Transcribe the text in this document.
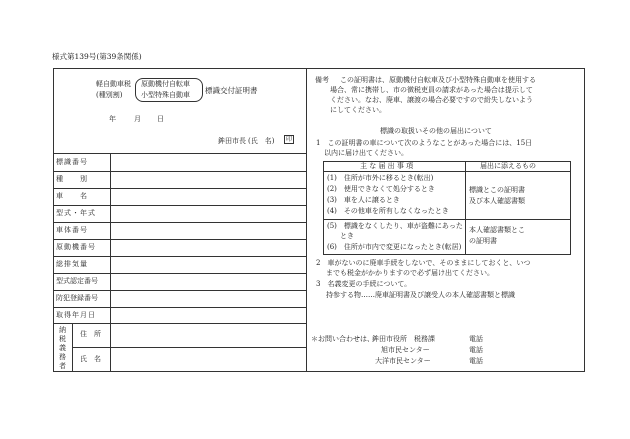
様式第139号(第39条関係)
軽自動車税
(種別割)
原動機付自転車
小型特殊自動車 標識交付証明書
年	月 日
鉾田市長 (氏　名)	印
標識番号
種　　別
車　　名
型式・年式
車体番号
原動機番号
総排気量
型式認定番号
防犯登録番号
取得年月日
納税義務者
住　所
氏　名
備考 この証明書は、原動機付自転車及び小型特殊自動車を使用する
場合、常に携帯し、市の徴税吏員の請求があった場合は提示して
ください。なお、廃車、譲渡の場合必要ですので紛失しないよう
にしてください。
標識の取扱いその他の届出について
1　この証明書の車について次のようなことがあった場合には、15日
以内に届け出てください。
主 な 届 出 事 項	届出に添えるもの
(1)　住所が市外に移るとき(転出)
(2)　使用できなくて処分するとき
(3)　車を人に譲るとき
(4)　その他車を所有しなくなったとき
標識とこの証明書
及び本人確認書類
(5)　標識をなくしたり、車が盗難にあった
とき
(6)　住所が市内で変更になったとき(転居)
本人確認書類とこ
の証明書
2　車がないのに廃車手続をしないで、そのままにしておくと、いつ
までも税金がかかりますので必ず届け出てください。
3　名義変更の手続について。
持参する物……廃車証明書及び譲受人の本人確認書類と標識
＊お問い合わせは、
鉾田市役所　税務課	電話
旭市民センター	電話
大洋市民センター	電話
